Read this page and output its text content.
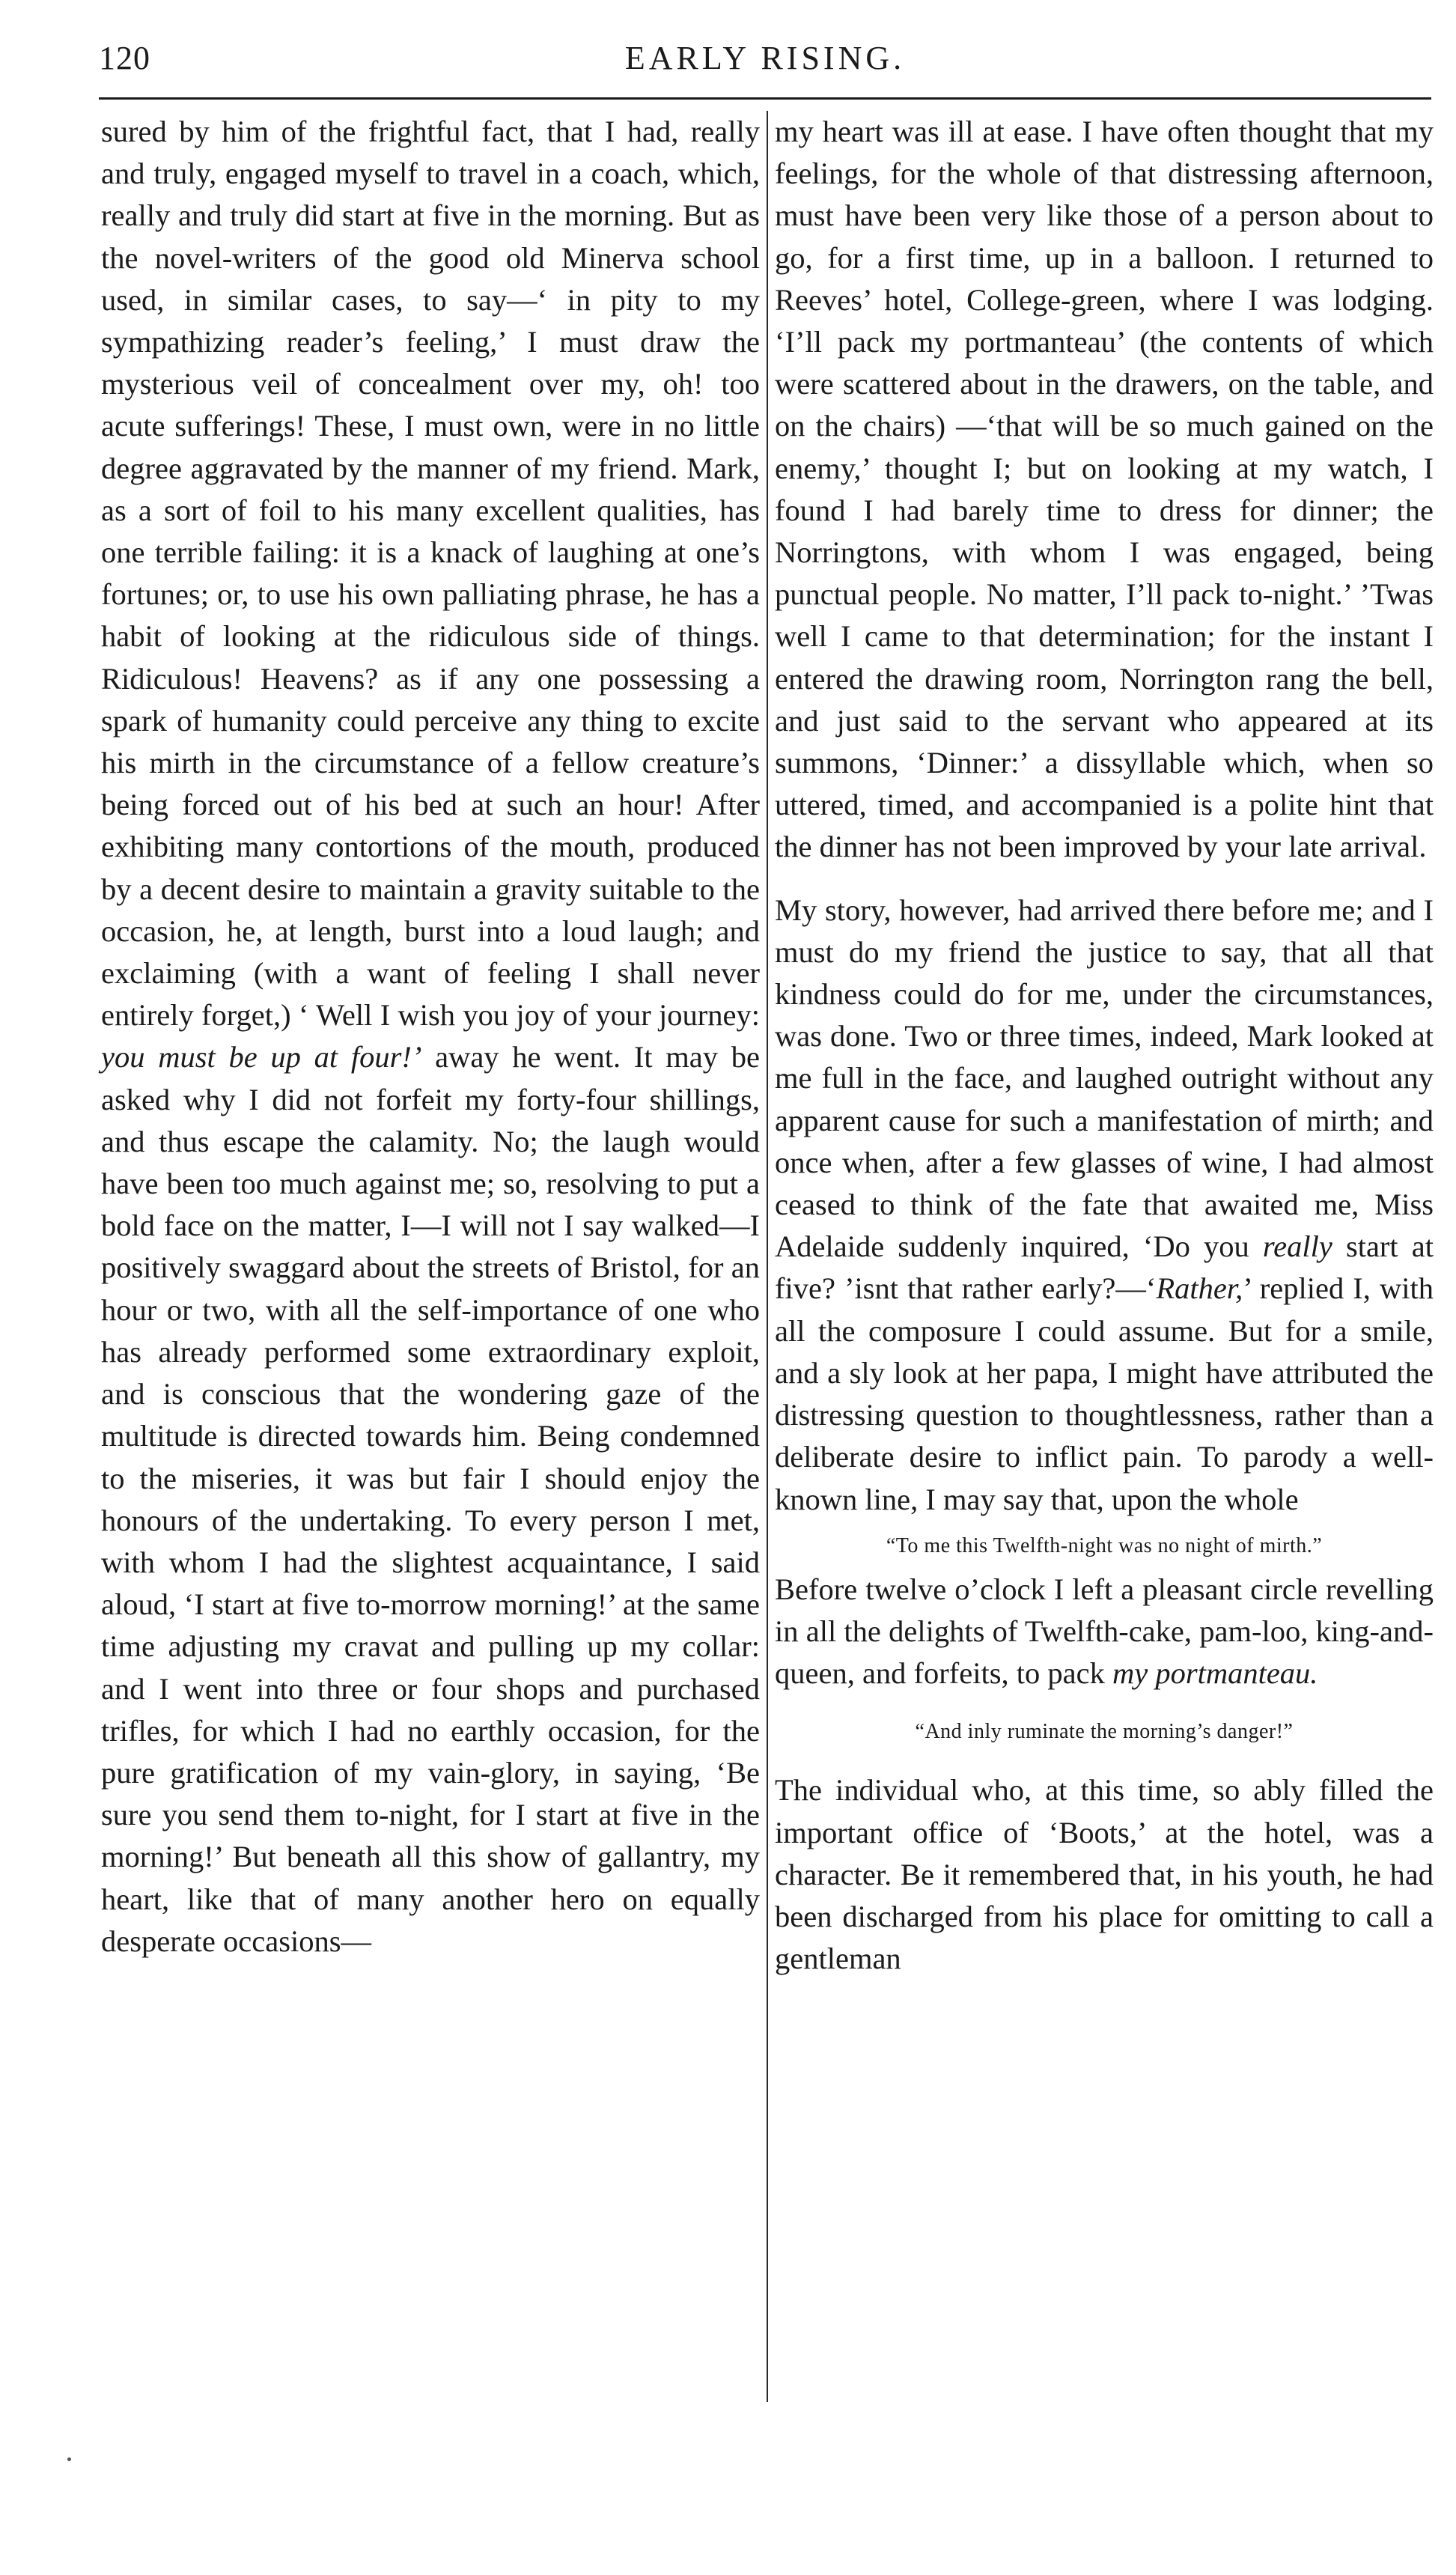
120	EARLY RISING.

sured by him of the frightful fact, that I had, really and truly, engaged myself to travel in a coach, which, really and truly did start at five in the morning. But as the novel-writers of the good old Minerva school used, in similar cases, to say—‘ in pity to my sympathizing reader’s feeling,’ I must draw the mysterious veil of concealment over my, oh! too acute sufferings! These, I must own, were in no little degree aggravated by the manner of my friend. Mark, as a sort of foil to his many excellent qualities, has one terrible failing: it is a knack of laughing at one’s fortunes; or, to use his own palliating phrase, he has a habit of looking at the ridiculous side of things. Ridiculous! Heavens? as if any one possessing a spark of humanity could perceive any thing to excite his mirth in the circumstance of a fellow creature’s being forced out of his bed at such an hour! After exhibiting many contortions of the mouth, produced by a decent desire to maintain a gravity suitable to the occasion, he, at length, burst into a loud laugh; and exclaiming (with a want of feeling I shall never entirely forget,) ‘ Well I wish you joy of your journey: you must be up at four!’ away he went. It may be asked why I did not forfeit my forty-four shillings, and thus escape the calamity. No; the laugh would have been too much against me; so, resolving to put a bold face on the matter, I—I will not I say walked—I positively swaggard about the streets of Bristol, for an hour or two, with all the self-importance of one who has already performed some extraordinary exploit, and is conscious that the wondering gaze of the multitude is directed towards him. Being condemned to the miseries, it was but fair I should enjoy the honours of the undertaking. To every person I met, with whom I had the slightest acquaintance, I said aloud, ‘I start at five to-morrow morning!’ at the same time adjusting my cravat and pulling up my collar: and I went into three or four shops and purchased trifles, for which I had no earthly occasion, for the pure gratification of my vain-glory, in saying, ‘Be sure you send them to-night, for I start at five in the morning!’ But beneath all this show of gallantry, my heart, like that of many another hero on equally desperate occasions—

my heart was ill at ease. I have often thought that my feelings, for the whole of that distressing afternoon, must have been very like those of a person about to go, for a first time, up in a balloon. I returned to Reeves’ hotel, College-green, where I was lodging. ‘I’ll pack my portmanteau’ (the contents of which were scattered about in the drawers, on the table, and on the chairs) —‘that will be so much gained on the enemy,’ thought I; but on looking at my watch, I found I had barely time to dress for dinner; the Norringtons, with whom I was engaged, being punctual people. No matter, I’ll pack to-night.’ ’Twas well I came to that determination; for the instant I entered the drawing room, Norrington rang the bell, and just said to the servant who appeared at its summons, ‘Dinner:’ a dissyllable which, when so uttered, timed, and accompanied is a polite hint that the dinner has not been improved by your late arrival.

My story, however, had arrived there before me; and I must do my friend the justice to say, that all that kindness could do for me, under the circumstances, was done. Two or three times, indeed, Mark looked at me full in the face, and laughed outright without any apparent cause for such a manifestation of mirth; and once when, after a few glasses of wine, I had almost ceased to think of the fate that awaited me, Miss Adelaide suddenly inquired, ‘Do you really start at five? ’isnt that rather early?—‘Rather,’ replied I, with all the composure I could assume. But for a smile, and a sly look at her papa, I might have attributed the distressing question to thoughtlessness, rather than a deliberate desire to inflict pain. To parody a well-known line, I may say that, upon the whole

“To me this Twelfth-night was no night of mirth.”

Before twelve o’clock I left a pleasant circle revelling in all the delights of Twelfth-cake, pam-loo, king-and-queen, and forfeits, to pack my portmanteau.

“And inly ruminate the morning’s danger!”

The individual who, at this time, so ably filled the important office of ‘Boots,’ at the hotel, was a character. Be it remembered that, in his youth, he had been discharged from his place for omitting to call a gentleman
